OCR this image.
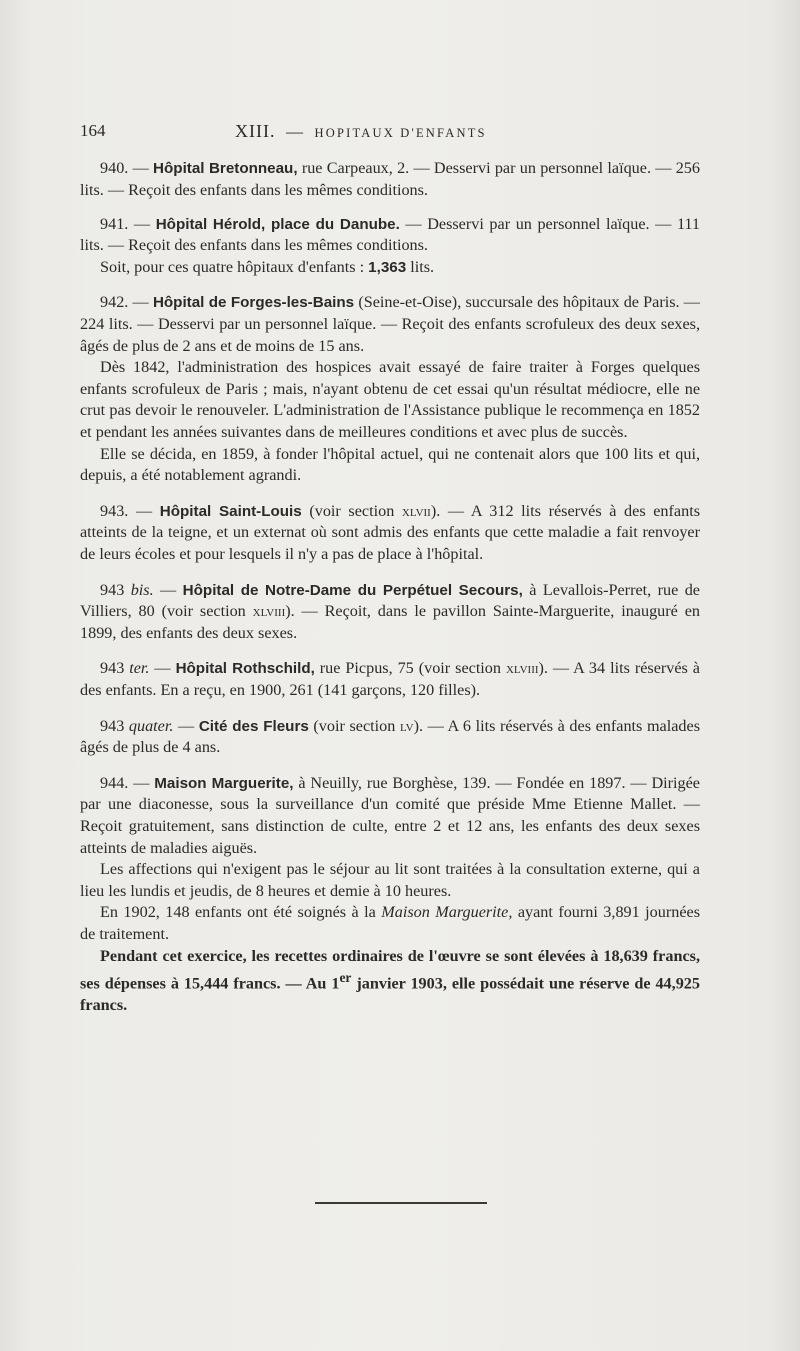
164	XIII. — HOPITAUX D'ENFANTS

940. — Hôpital Bretonneau, rue Carpeaux, 2. — Desservi par un personnel laïque. — 256 lits. — Reçoit des enfants dans les mêmes conditions.

941. — Hôpital Hérold, place du Danube. — Desservi par un personnel laïque. — 111 lits. — Reçoit des enfants dans les mêmes conditions.

Soit, pour ces quatre hôpitaux d'enfants : 1,363 lits.

942. — Hôpital de Forges-les-Bains (Seine-et-Oise), succursale des hôpitaux de Paris. — 224 lits. — Desservi par un personnel laïque. — Reçoit des enfants scrofuleux des deux sexes, âgés de plus de 2 ans et de moins de 15 ans.

Dès 1842, l'administration des hospices avait essayé de faire traiter à Forges quelques enfants scrofuleux de Paris ; mais, n'ayant obtenu de cet essai qu'un résultat médiocre, elle ne crut pas devoir le renouveler. L'administration de l'Assistance publique le recommença en 1852 et pendant les années suivantes dans de meilleures conditions et avec plus de succès.

Elle se décida, en 1859, à fonder l'hôpital actuel, qui ne contenait alors que 100 lits et qui, depuis, a été notablement agrandi.

943. — Hôpital Saint-Louis (voir section xlvii). — A 312 lits réservés à des enfants atteints de la teigne, et un externat où sont admis des enfants que cette maladie a fait renvoyer de leurs écoles et pour lesquels il n'y a pas de place à l'hôpital.

943 bis. — Hôpital de Notre-Dame du Perpétuel Secours, à Levallois-Perret, rue de Villiers, 80 (voir section xlviii). — Reçoit, dans le pavillon Sainte-Marguerite, inauguré en 1899, des enfants des deux sexes.

943 ter. — Hôpital Rothschild, rue Picpus, 75 (voir section xlviii). — A 34 lits réservés à des enfants. En a reçu, en 1900, 261 (141 garçons, 120 filles).

943 quater. — Cité des Fleurs (voir section lv). — A 6 lits réservés à des enfants malades âgés de plus de 4 ans.

944. — Maison Marguerite, à Neuilly, rue Borghèse, 139. — Fondée en 1897. — Dirigée par une diaconesse, sous la surveillance d'un comité que préside Mme Etienne Mallet. — Reçoit gratuitement, sans distinction de culte, entre 2 et 12 ans, les enfants des deux sexes atteints de maladies aiguës.

Les affections qui n'exigent pas le séjour au lit sont traitées à la consultation externe, qui a lieu les lundis et jeudis, de 8 heures et demie à 10 heures.

En 1902, 148 enfants ont été soignés à la Maison Marguerite, ayant fourni 3,891 journées de traitement.

Pendant cet exercice, les recettes ordinaires de l'œuvre se sont élevées à 18,639 francs, ses dépenses à 15,444 francs. — Au 1er janvier 1903, elle possédait une réserve de 44,925 francs.
